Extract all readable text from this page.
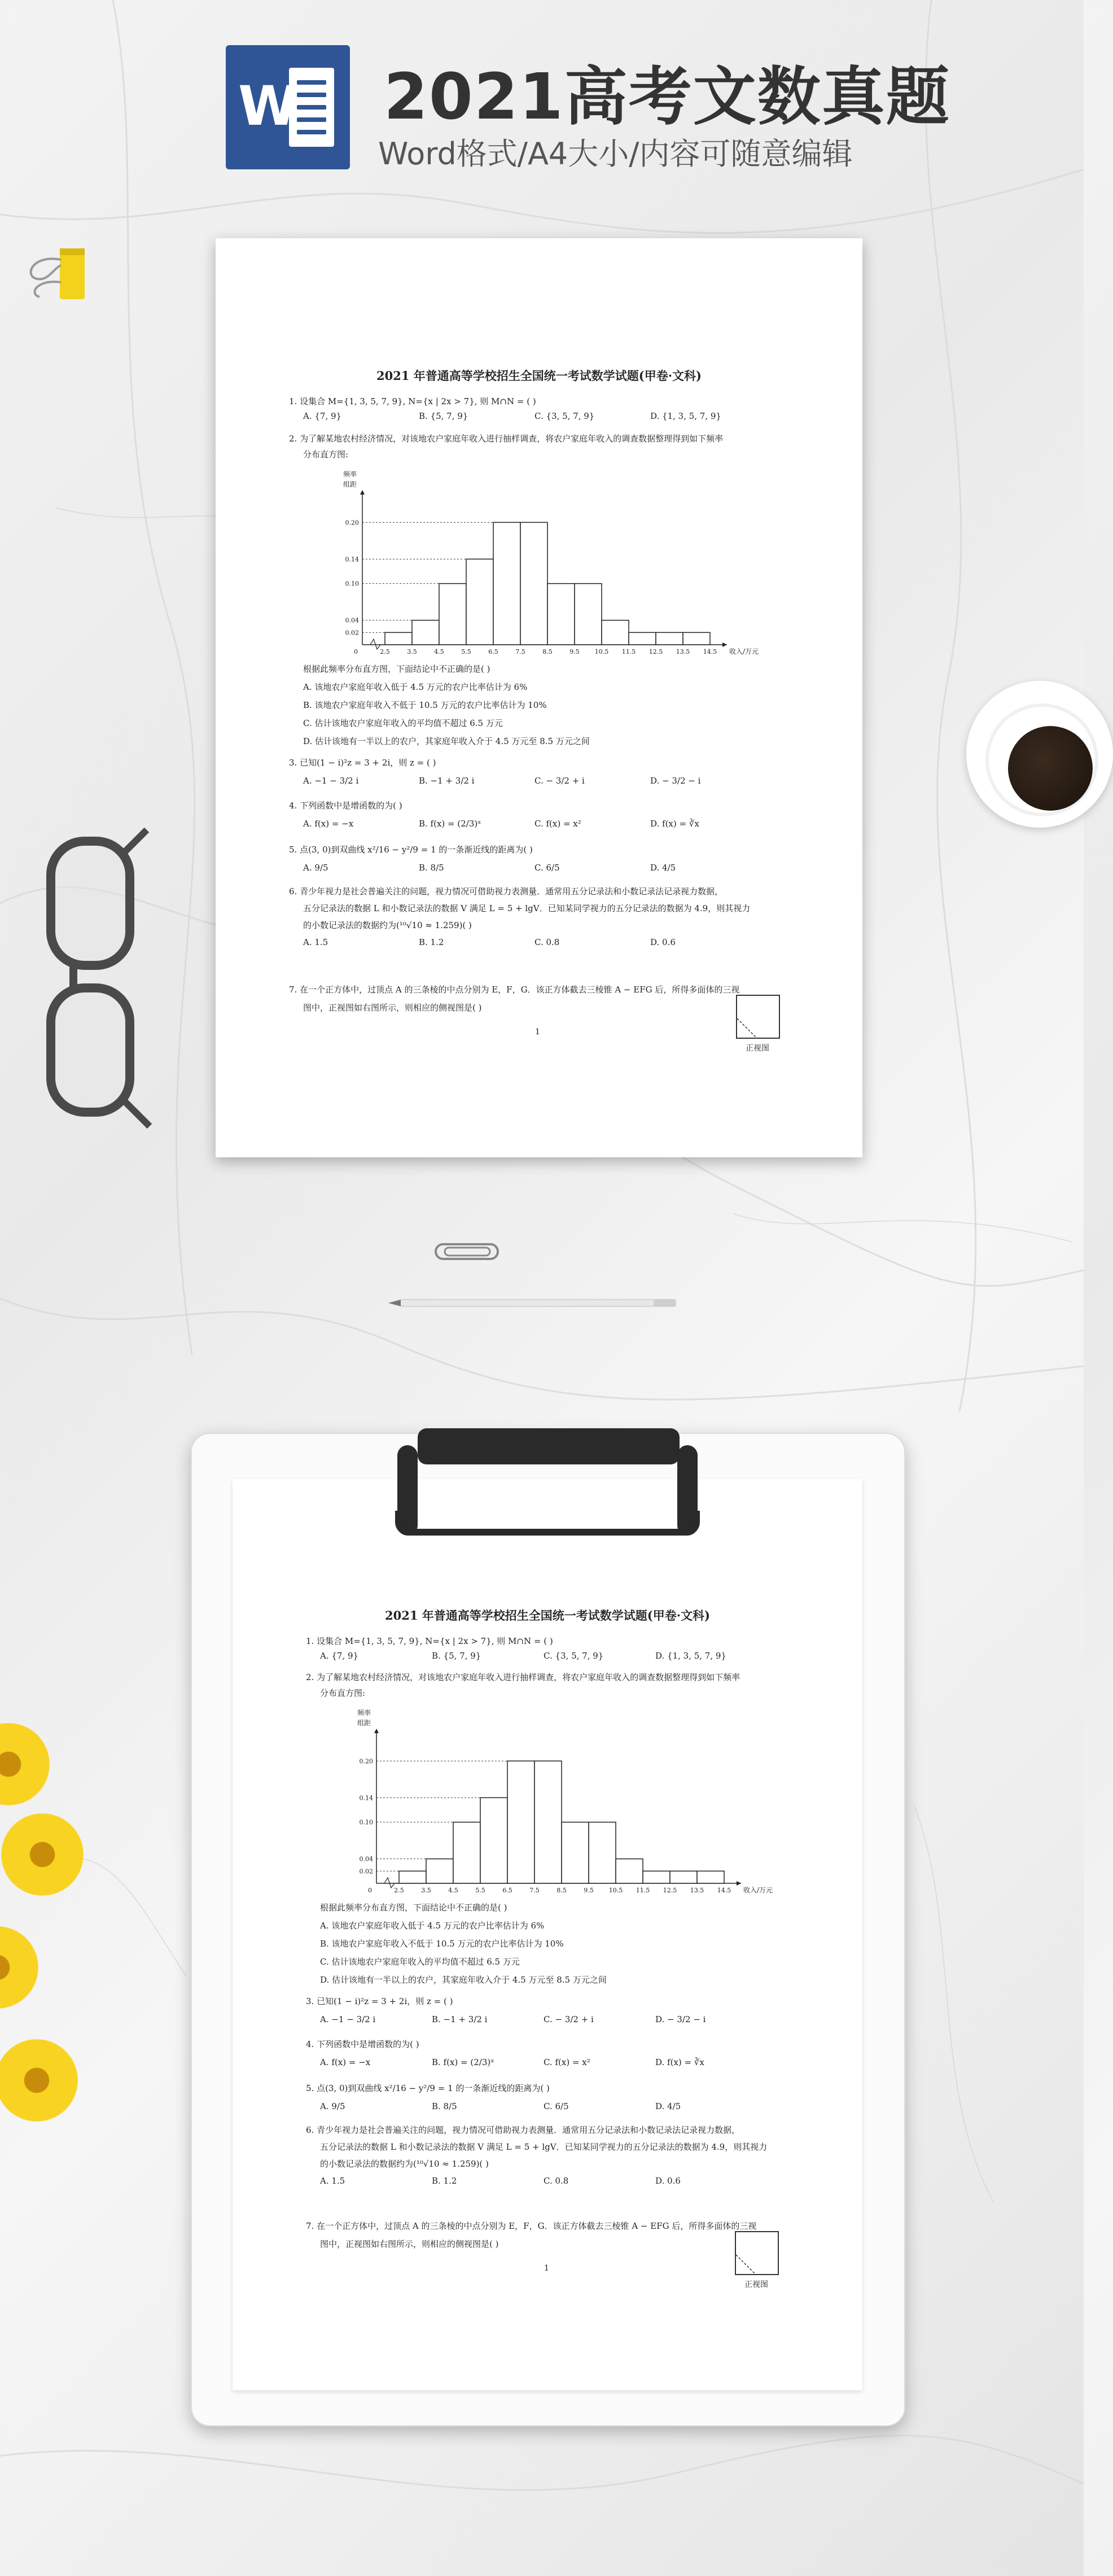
W 2021高考文数真题
Word格式/A4大小/内容可随意编辑
2021 年普通高等学校招生全国统一考试数学试题(甲卷·文科)
1. 设集合 M={1, 3, 5, 7, 9}, N={x | 2x > 7}, 则 M∩N = ( )
A. {7, 9}	B. {5, 7, 9}	C. {3, 5, 7, 9}	D. {1, 3, 5, 7, 9}
2. 为了解某地农村经济情况，对该地农户家庭年收入进行抽样调查，将农户家庭年收入的调查数据整理得到如下频率
分布直方图:
0.02
0.04
0.10
0.14
0.20
2.5	3.5	4.5	5.5	6.5	7.5	8.5	9.5 10.5 11.5 12.5 13.5 14.5
0	收入/万元
频率
组距
根据此频率分布直方图，下面结论中不正确的是( )
A. 该地农户家庭年收入低于 4.5 万元的农户比率估计为 6%
B. 该地农户家庭年收入不低于 10.5 万元的农户比率估计为 10%
C. 估计该地农户家庭年收入的平均值不超过 6.5 万元
D. 估计该地有一半以上的农户，其家庭年收入介于 4.5 万元至 8.5 万元之间
3. 已知(1 − i)²z = 3 + 2i，则 z = ( )
A. −1 − 3/2 i	B. −1 + 3/2 i	C. − 3/2 + i	D. − 3/2 − i
4. 下列函数中是增函数的为( )
A. f(x) = −x	B. f(x) = (2/3)ˣ	C. f(x) = x²	D. f(x) = ∛x
5. 点(3, 0)到双曲线 x²/16 − y²/9 = 1 的一条渐近线的距离为( )
A. 9/5	B. 8/5	C. 6/5	D. 4/5
6. 青少年视力是社会普遍关注的问题，视力情况可借助视力表测量．通常用五分记录法和小数记录法记录视力数据，
五分记录法的数据 L 和小数记录法的数据 V 满足 L = 5 + lgV．已知某同学视力的五分记录法的数据为 4.9，则其视力
的小数记录法的数据约为(¹⁰√10 ≈ 1.259)( )
A. 1.5	B. 1.2	C. 0.8	D. 0.6
7. 在一个正方体中，过顶点 A 的三条棱的中点分别为 E，F，G．该正方体截去三棱锥 A − EFG 后，所得多面体的三视
图中，正视图如右图所示，则相应的侧视图是( )
正视图
1
2021 年普通高等学校招生全国统一考试数学试题(甲卷·文科)
1. 设集合 M={1, 3, 5, 7, 9}, N={x | 2x > 7}, 则 M∩N = ( )
A. {7, 9}	B. {5, 7, 9}	C. {3, 5, 7, 9}	D. {1, 3, 5, 7, 9}
2. 为了解某地农村经济情况，对该地农户家庭年收入进行抽样调查，将农户家庭年收入的调查数据整理得到如下频率
分布直方图:
0.02
0.04
0.10
0.14
0.20
2.5	3.5	4.5	5.5	6.5	7.5	8.5	9.5 10.5 11.5 12.5 13.5 14.5
0	收入/万元
频率
组距
根据此频率分布直方图，下面结论中不正确的是( )
A. 该地农户家庭年收入低于 4.5 万元的农户比率估计为 6%
B. 该地农户家庭年收入不低于 10.5 万元的农户比率估计为 10%
C. 估计该地农户家庭年收入的平均值不超过 6.5 万元
D. 估计该地有一半以上的农户，其家庭年收入介于 4.5 万元至 8.5 万元之间
3. 已知(1 − i)²z = 3 + 2i，则 z = ( )
A. −1 − 3/2 i	B. −1 + 3/2 i	C. − 3/2 + i	D. − 3/2 − i
4. 下列函数中是增函数的为( )
A. f(x) = −x	B. f(x) = (2/3)ˣ	C. f(x) = x²	D. f(x) = ∛x
5. 点(3, 0)到双曲线 x²/16 − y²/9 = 1 的一条渐近线的距离为( )
A. 9/5	B. 8/5	C. 6/5	D. 4/5
6. 青少年视力是社会普遍关注的问题，视力情况可借助视力表测量．通常用五分记录法和小数记录法记录视力数据，
五分记录法的数据 L 和小数记录法的数据 V 满足 L = 5 + lgV．已知某同学视力的五分记录法的数据为 4.9，则其视力
的小数记录法的数据约为(¹⁰√10 ≈ 1.259)( )
A. 1.5	B. 1.2	C. 0.8	D. 0.6
7. 在一个正方体中，过顶点 A 的三条棱的中点分别为 E，F，G．该正方体截去三棱锥 A − EFG 后，所得多面体的三视
图中，正视图如右图所示，则相应的侧视图是( )
正视图
1
